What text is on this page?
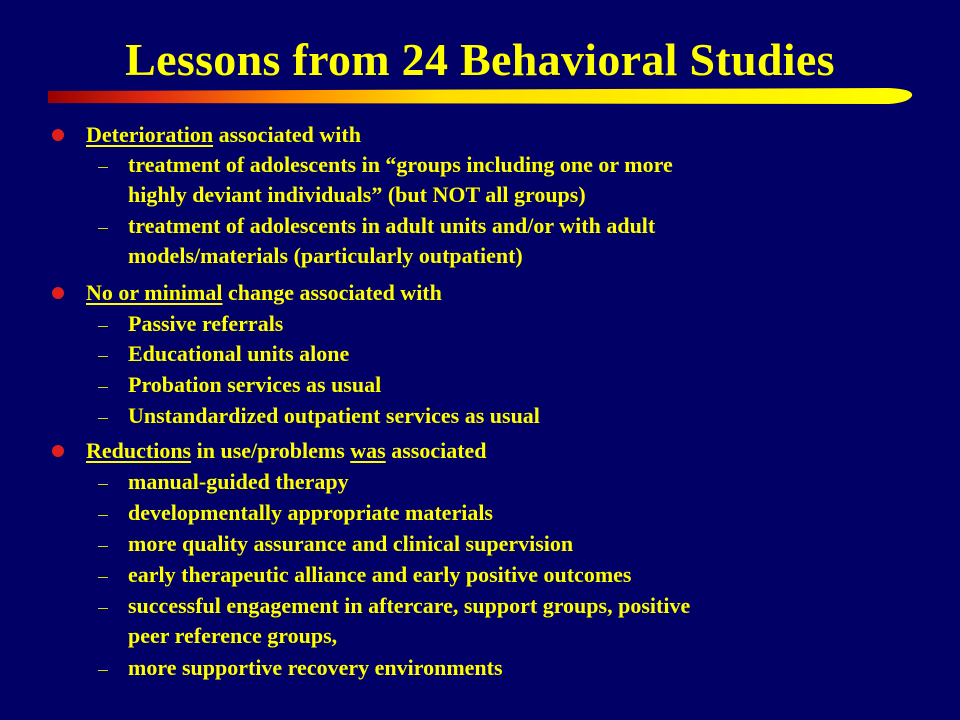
Lessons from 24 Behavioral Studies
Deterioration associated with
treatment of adolescents in “groups including one or more
highly deviant individuals” (but NOT all groups)
treatment of adolescents in adult units and/or with adult
models/materials (particularly outpatient)
No or minimal change associated with
Passive referrals
Educational units alone
Probation services as usual
Unstandardized outpatient services as usual
Reductions in use/problems was associated
manual-guided therapy
developmentally appropriate materials
more quality assurance and clinical supervision
early therapeutic alliance and early positive outcomes
successful engagement in aftercare, support groups, positive
peer reference groups,
more supportive recovery environments
